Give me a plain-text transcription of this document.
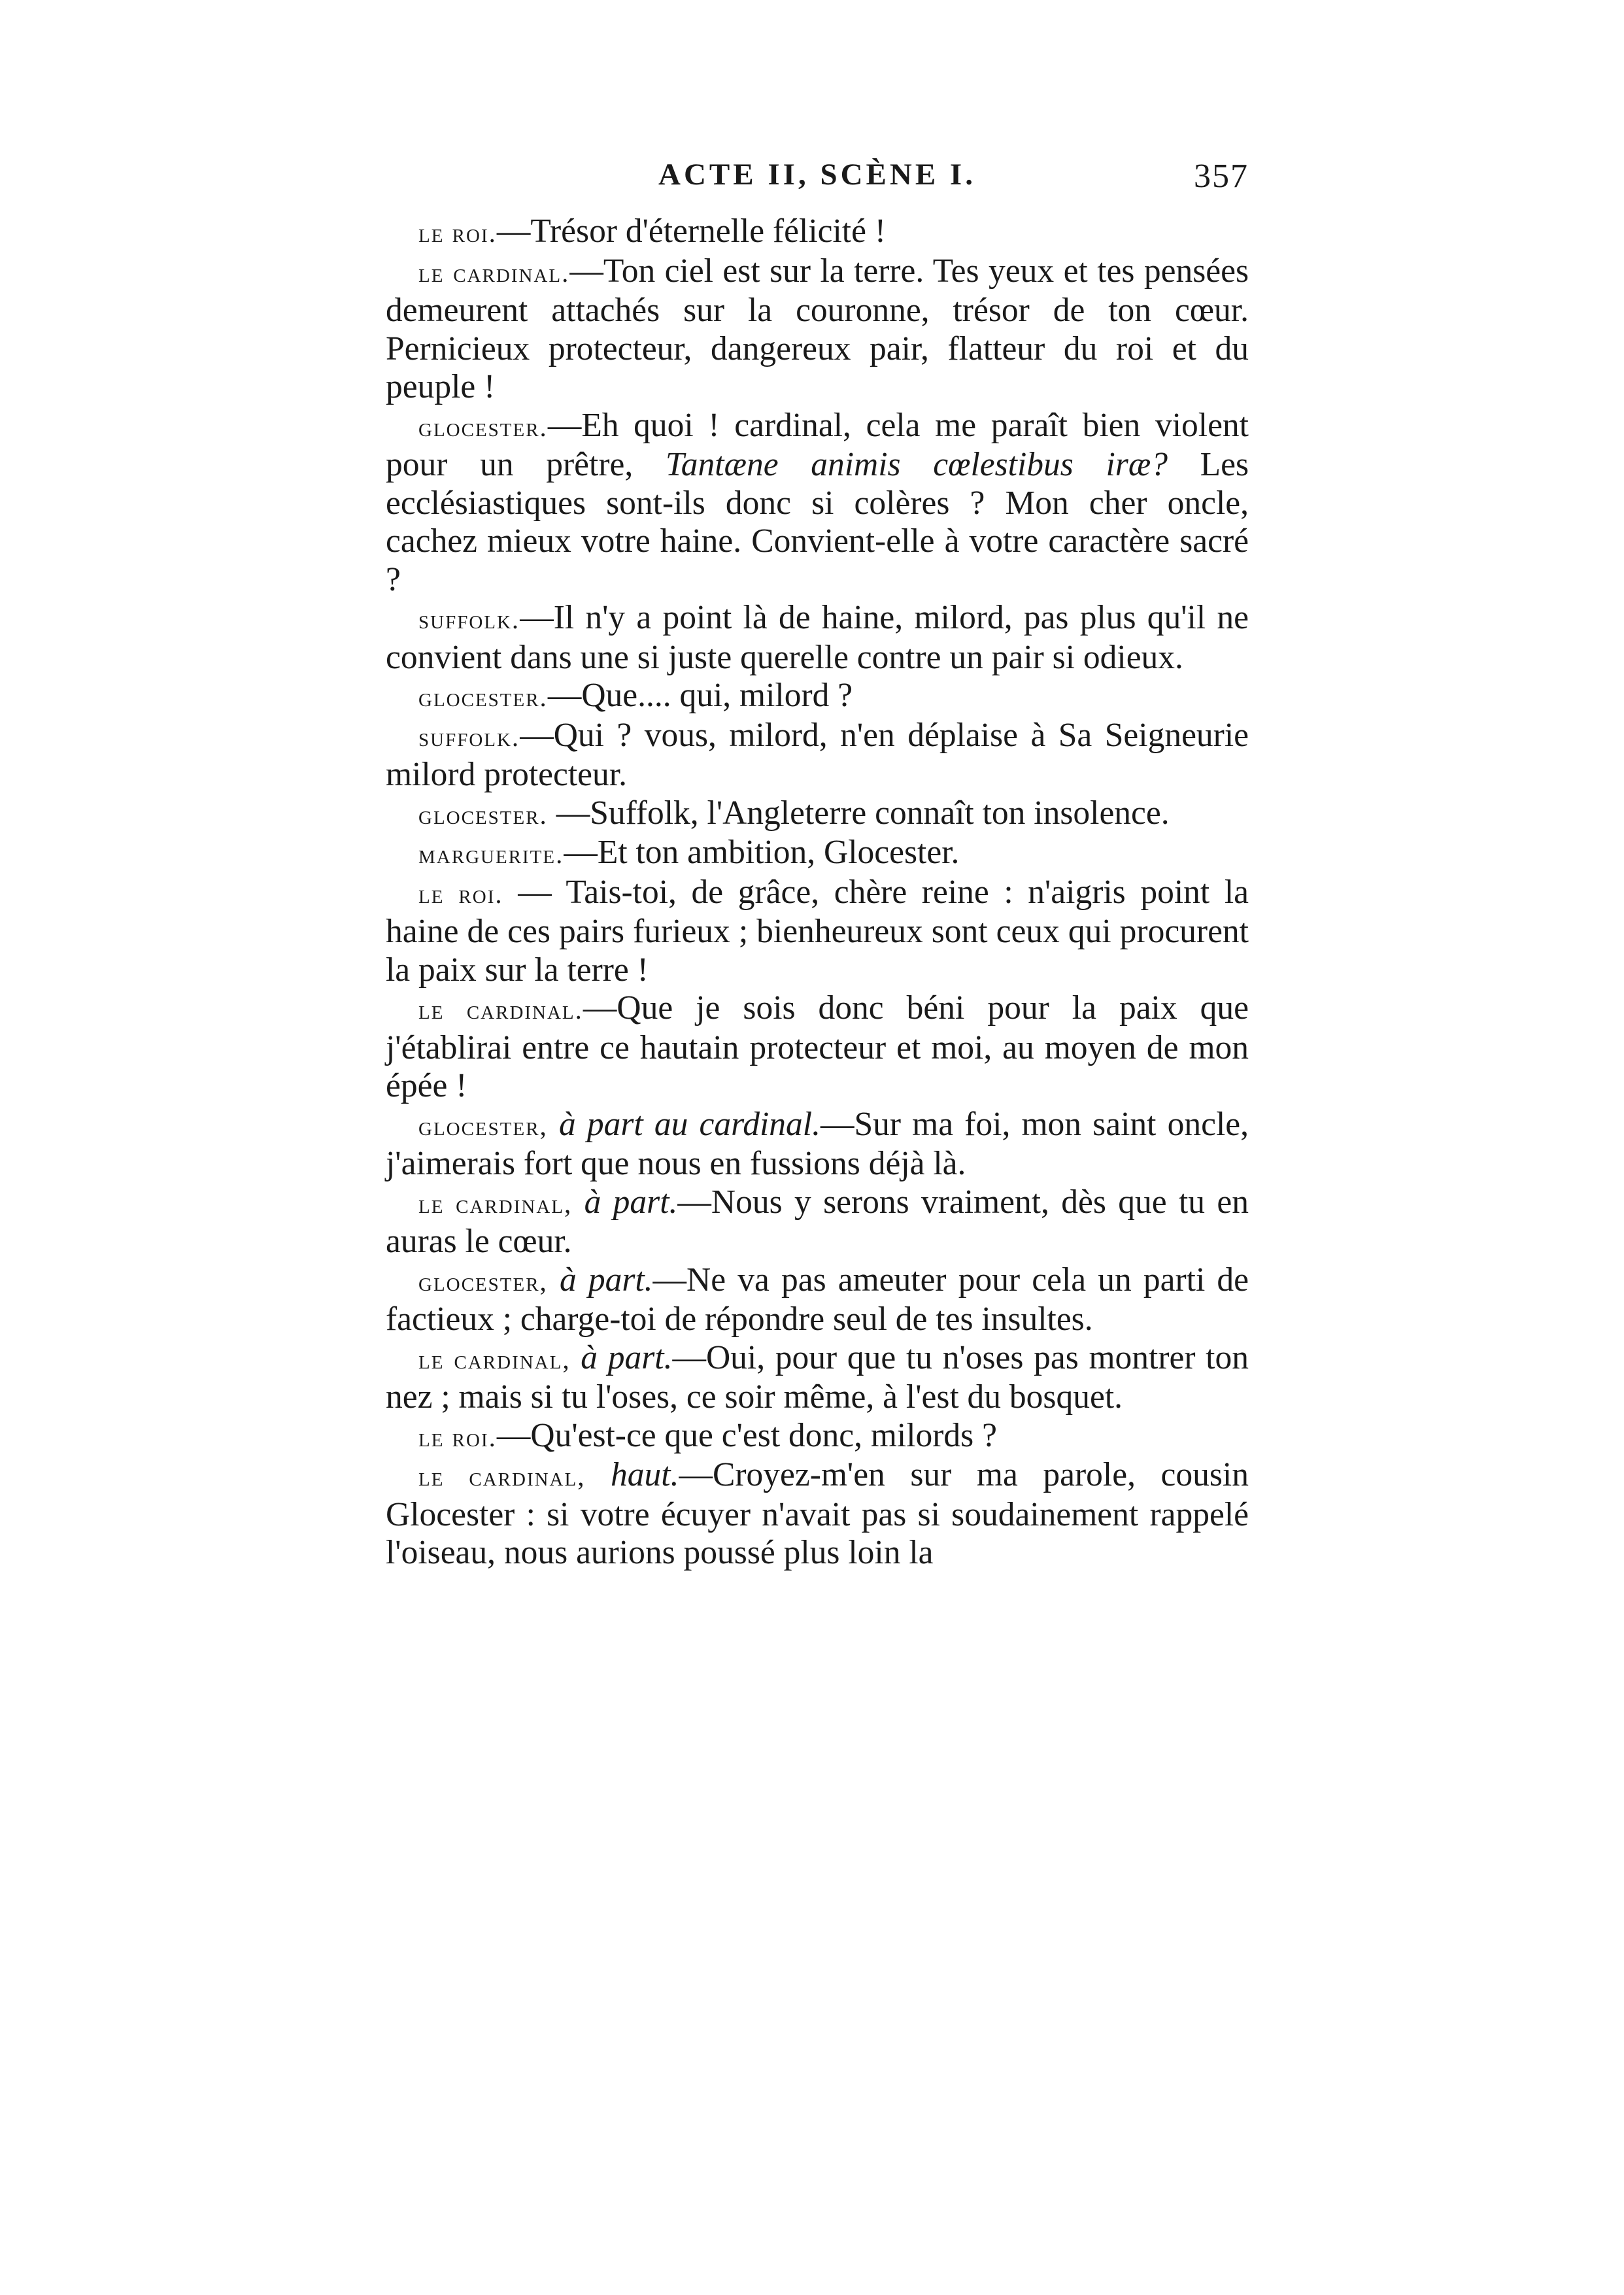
ACTE II, SCÈNE I.	357

le roi.—Trésor d'éternelle félicité !

le cardinal.—Ton ciel est sur la terre. Tes yeux et tes pensées demeurent attachés sur la couronne, trésor de ton cœur. Pernicieux protecteur, dangereux pair, flatteur du roi et du peuple !

glocester.—Eh quoi ! cardinal, cela me paraît bien violent pour un prêtre, Tantæne animis cœlestibus iræ? Les ecclésiastiques sont-ils donc si colères ? Mon cher oncle, cachez mieux votre haine. Convient-elle à votre caractère sacré ?

suffolk.—Il n'y a point là de haine, milord, pas plus qu'il ne convient dans une si juste querelle contre un pair si odieux.

glocester.—Que.... qui, milord ?

suffolk.—Qui ? vous, milord, n'en déplaise à Sa Seigneurie milord protecteur.

glocester. —Suffolk, l'Angleterre connaît ton insolence.

marguerite.—Et ton ambition, Glocester.

le roi. — Tais-toi, de grâce, chère reine : n'aigris point la haine de ces pairs furieux ; bienheureux sont ceux qui procurent la paix sur la terre !

le cardinal.—Que je sois donc béni pour la paix que j'établirai entre ce hautain protecteur et moi, au moyen de mon épée !

glocester, à part au cardinal.—Sur ma foi, mon saint oncle, j'aimerais fort que nous en fussions déjà là.

le cardinal, à part.—Nous y serons vraiment, dès que tu en auras le cœur.

glocester, à part.—Ne va pas ameuter pour cela un parti de factieux ; charge-toi de répondre seul de tes insultes.

le cardinal, à part.—Oui, pour que tu n'oses pas montrer ton nez ; mais si tu l'oses, ce soir même, à l'est du bosquet.

le roi.—Qu'est-ce que c'est donc, milords ?

le cardinal, haut.—Croyez-m'en sur ma parole, cousin Glocester : si votre écuyer n'avait pas si soudainement rappelé l'oiseau, nous aurions poussé plus loin la
